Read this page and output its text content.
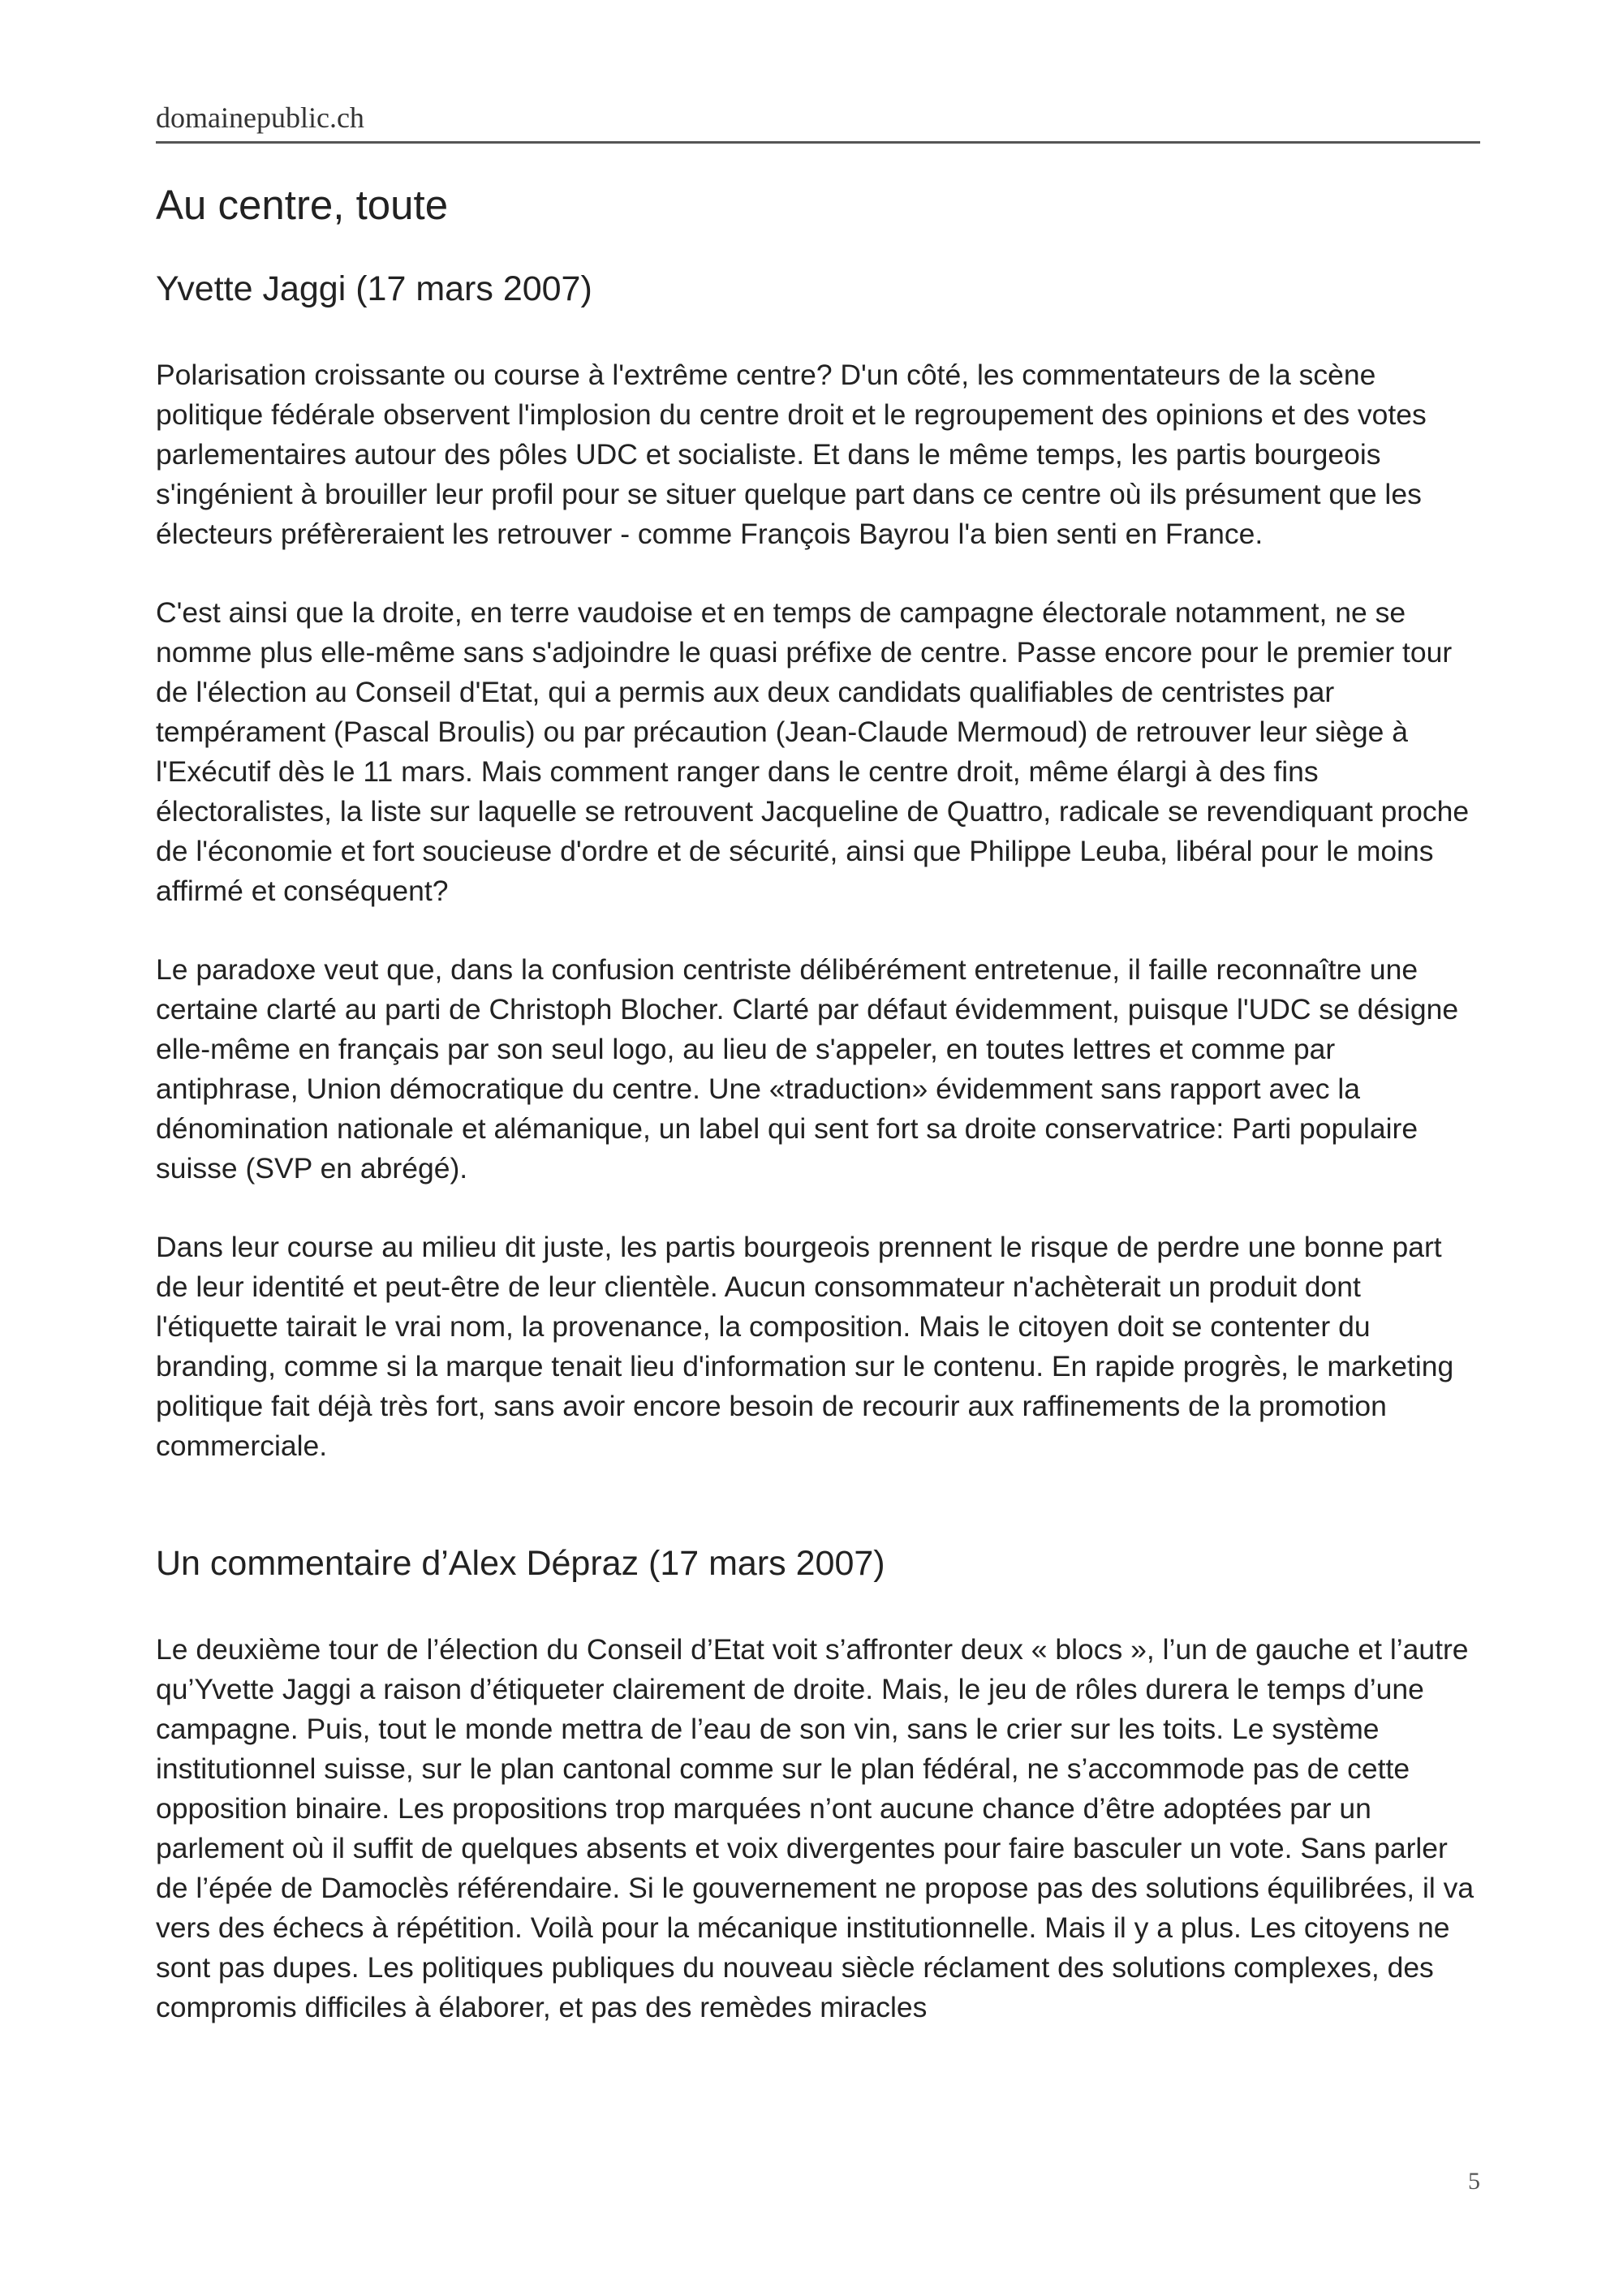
domainepublic.ch
Au centre, toute
Yvette Jaggi (17 mars 2007)

Polarisation croissante ou course à l'extrême centre? D'un côté, les commentateurs de la scène politique fédérale observent l'implosion du centre droit et le regroupement des opinions et des votes parlementaires autour des pôles UDC et socialiste. Et dans le même temps, les partis bourgeois s'ingénient à brouiller leur profil pour se situer quelque part dans ce centre où ils présument que les électeurs préfèreraient les retrouver - comme François Bayrou l'a bien senti en France.

C'est ainsi que la droite, en terre vaudoise et en temps de campagne électorale notamment, ne se nomme plus elle-même sans s'adjoindre le quasi préfixe de centre. Passe encore pour le premier tour de l'élection au Conseil d'Etat, qui a permis aux deux candidats qualifiables de centristes par tempérament (Pascal Broulis) ou par précaution (Jean-Claude Mermoud) de retrouver leur siège à l'Exécutif dès le 11 mars. Mais comment ranger dans le centre droit, même élargi à des fins électoralistes, la liste sur laquelle se retrouvent Jacqueline de Quattro, radicale se revendiquant proche de l'économie et fort soucieuse d'ordre et de sécurité, ainsi que Philippe Leuba, libéral pour le moins affirmé et conséquent?

Le paradoxe veut que, dans la confusion centriste délibérément entretenue, il faille reconnaître une certaine clarté au parti de Christoph Blocher. Clarté par défaut évidemment, puisque l'UDC se désigne elle-même en français par son seul logo, au lieu de s'appeler, en toutes lettres et comme par antiphrase, Union démocratique du centre. Une «traduction» évidemment sans rapport avec la dénomination nationale et alémanique, un label qui sent fort sa droite conservatrice: Parti populaire suisse (SVP en abrégé).

Dans leur course au milieu dit juste, les partis bourgeois prennent le risque de perdre une bonne part de leur identité et peut-être de leur clientèle. Aucun consommateur n'achèterait un produit dont l'étiquette tairait le vrai nom, la provenance, la composition. Mais le citoyen doit se contenter du branding, comme si la marque tenait lieu d'information sur le contenu. En rapide progrès, le marketing politique fait déjà très fort, sans avoir encore besoin de recourir aux raffinements de la promotion commerciale.

Un commentaire d’Alex Dépraz (17 mars 2007)

Le deuxième tour de l’élection du Conseil d’Etat voit s’affronter deux « blocs », l’un de gauche et l’autre qu’Yvette Jaggi a raison d’étiqueter clairement de droite. Mais, le jeu de rôles durera le temps d’une campagne. Puis, tout le monde mettra de l’eau de son vin, sans le crier sur les toits. Le système institutionnel suisse, sur le plan cantonal comme sur le plan fédéral, ne s’accommode pas de cette opposition binaire. Les propositions trop marquées n’ont aucune chance d’être adoptées par un parlement où il suffit de quelques absents et voix divergentes pour faire basculer un vote. Sans parler de l’épée de Damoclès référendaire. Si le gouvernement ne propose pas des solutions équilibrées, il va vers des échecs à répétition. Voilà pour la mécanique institutionnelle. Mais il y a plus. Les citoyens ne sont pas dupes. Les politiques publiques du nouveau siècle réclament des solutions complexes, des compromis difficiles à élaborer, et pas des remèdes miracles

5
